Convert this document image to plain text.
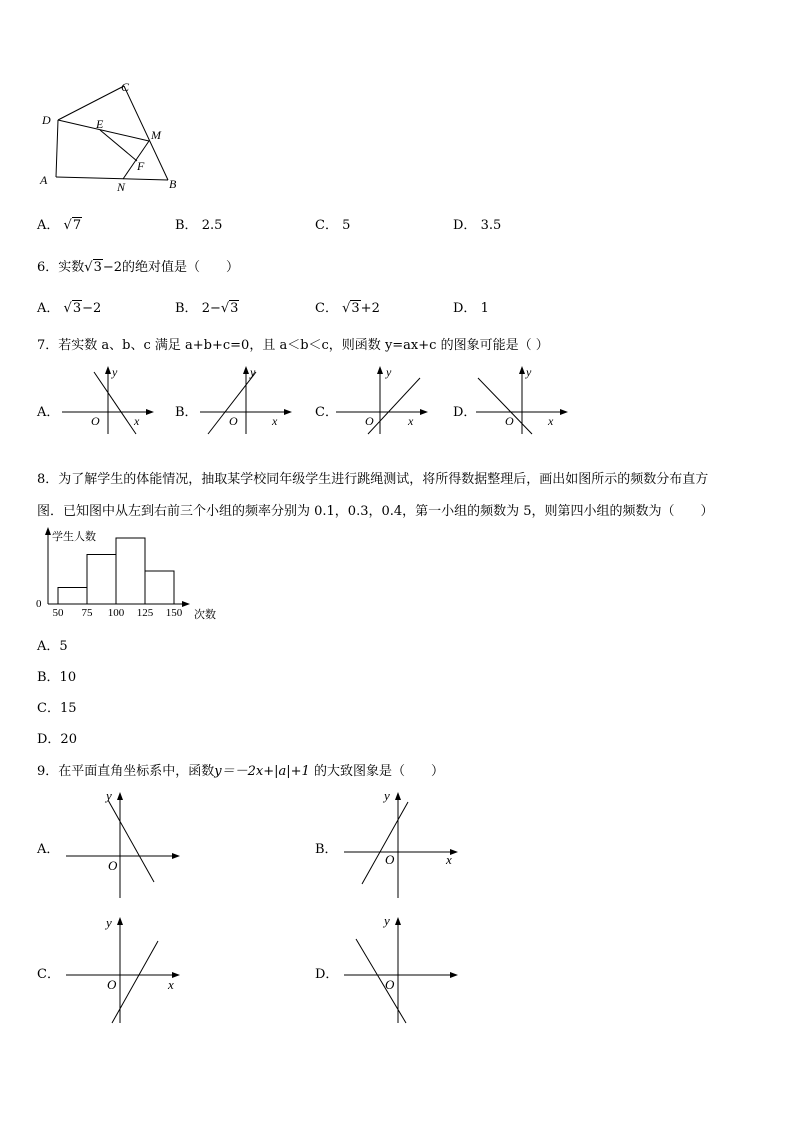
C
D	E
M
F
A	N	B
A． √7	B． 2.5	C． 5	D． 3.5
6．实数√3−2的绝对值是（　　）
A． √3−2	B． 2−√3	C． √3+2	D． 1
7．若实数 a、b、c 满足 a+b+c=0，且 a＜b＜c，则函数 y=ax+c 的图象可能是（ ）
A．	B．	C．	D．
y
x
O
y
x
O
y
x
O
y
x
O
8．为了解学生的体能情况，抽取某学校同年级学生进行跳绳测试，将所得数据整理后，画出如图所示的频数分布直方
图．已知图中从左到右前三个小组的频率分别为 0.1，0.3，0.4，第一小组的频数为 5，则第四小组的频数为（　　）
学生人数
0
次数
50 75 100 125 150
A．5
B．10
C．15
D．20
9．在平面直角坐标系中，函数y＝－2x+|a|+1 的大致图象是（　　）
A．	B．
C．	D．
y
O
y
x
O
y
x
O
y
O
